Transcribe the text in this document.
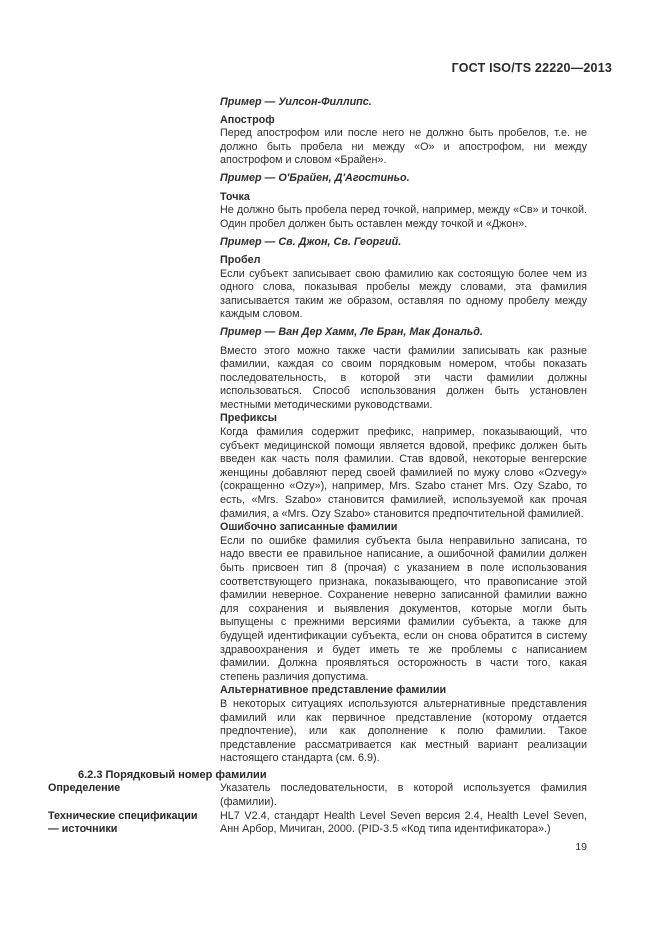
ГОСТ ISO/TS 22220—2013
Пример — Уилсон-Филлипс.
Апостроф
Перед апострофом или после него не должно быть пробелов, т.е. не должно быть пробела ни между «О» и апострофом, ни между апострофом и словом «Брайен».
Пример — О'Брайен, Д'Агостиньо.
Точка
Не должно быть пробела перед точкой, например, между «Св» и точкой. Один пробел должен быть оставлен между точкой и «Джон».
Пример — Св. Джон, Св. Георгий.
Пробел
Если субъект записывает свою фамилию как состоящую более чем из одного слова, показывая пробелы между словами, эта фамилия записывается таким же образом, оставляя по одному пробелу между каждым словом.
Пример — Ван Дер Хамм, Ле Бран, Мак Дональд.
Вместо этого можно также части фамилии записывать как разные фамилии, каждая со своим порядковым номером, чтобы показать последовательность, в которой эти части фамилии должны использоваться. Способ использования должен быть установлен местными методическими руководствами.
Префиксы
Когда фамилия содержит префикс, например, показывающий, что субъект медицинской помощи является вдовой, префикс должен быть введен как часть поля фамилии. Став вдовой, некоторые венгерские женщины добавляют перед своей фамилией по мужу слово «Ozvegy» (сокращенно «Ozy»), например, Mrs. Szabo станет Mrs. Ozy Szabo, то есть, «Mrs. Szabo» становится фамилией, используемой как прочая фамилия, а «Mrs. Ozy Szabo» становится предпочтительной фамилией.
Ошибочно записанные фамилии
Если по ошибке фамилия субъекта была неправильно записана, то надо ввести ее правильное написание, а ошибочной фамилии должен быть присвоен тип 8 (прочая) с указанием в поле использования соответствующего признака, показывающего, что правописание этой фамилии неверное. Сохранение неверно записанной фамилии важно для сохранения и выявления документов, которые могли быть выпущены с прежними версиями фамилии субъекта, а также для будущей идентификации субъекта, если он снова обратится в систему здравоохранения и будет иметь те же проблемы с написанием фамилии. Должна проявляться осторожность в части того, какая степень различия допустима.
Альтернативное представление фамилии
В некоторых ситуациях используются альтернативные представления фамилий или как первичное представление (которому отдается предпочтение), или как дополнение к полю фамилии. Такое представление рассматривается как местный вариант реализации настоящего стандарта (см. 6.9).
6.2.3 Порядковый номер фамилии
Определение	Указатель последовательности, в которой используется фамилия (фамилии).
Технические спецификации — источники
HL7 V2.4, стандарт Health Level Seven версия 2.4, Health Level Seven, Анн Арбор, Мичиган, 2000. (PID-3.5 «Код типа идентификатора».)
19
